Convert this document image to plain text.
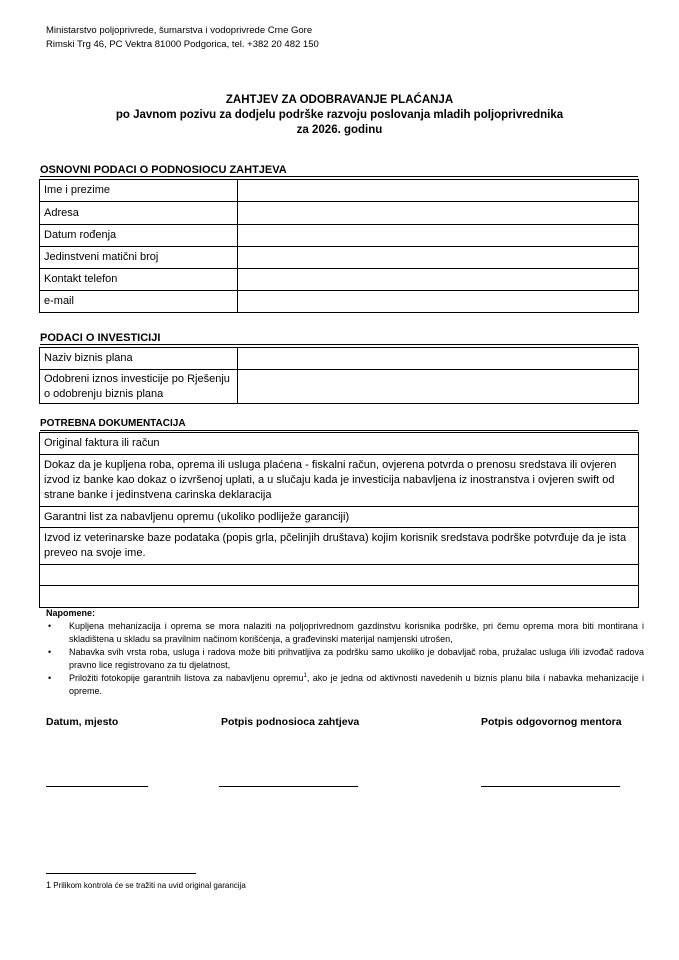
Ministarstvo poljoprivrede, šumarstva i vodoprivrede Crne Gore
Rimski Trg 46, PC Vektra 81000 Podgorica, tel. +382 20 482 150
ZAHTJEV ZA ODOBRAVANJE PLAĆANJA
po Javnom pozivu za dodjelu podrške razvoju poslovanja mladih poljoprivrednika
za 2026. godinu
OSNOVNI PODACI O PODNOSIOCU ZAHTJEVA
Ime i prezime	
Adresa	
Datum rođenja	
Jedinstveni matični broj	
Kontakt telefon	
e-mail	
PODACI O INVESTICIJI
Naziv biznis plana	
Odobreni iznos investicije po Rješenju o odobrenju biznis plana	
POTREBNA DOKUMENTACIJA
Original faktura ili račun
Dokaz da je kupljena roba, oprema ili usluga plaćena - fiskalni račun, ovjerena potvrda o prenosu sredstava ili ovjeren izvod iz banke kao dokaz o izvršenoj uplati, a u slučaju kada je investicija nabavljena iz inostranstva i ovjeren swift od strane banke i jedinstvena carinska deklaracija
Garantni list za nabavljenu opremu (ukoliko podliježe garanciji)
Izvod iz veterinarske baze podataka (popis grla, pčelinjih društava) kojim korisnik sredstava podrške potvrđuje da je ista preveo na svoje ime.

Napomene:
• Kupljena mehanizacija i oprema se mora nalaziti na poljoprivrednom gazdinstvu korisnika podrške, pri čemu oprema mora biti montirana i skladištena u skladu sa pravilnim načinom korišćenja, a građevinski materijal namjenski utrošen,
• Nabavka svih vrsta roba, usluga i radova može biti prihvatljiva za podršku samo ukoliko je dobavljač roba, pružalac usluga i/ili izvođač radova pravno lice registrovano za tu djelatnost,
• Priložiti fotokopije garantnih listova za nabavljenu opremu$^1$, ako je jedna od aktivnosti navedenih u biznis planu bila i nabavka mehanizacije i opreme.
Datum, mjesto	Potpis podnosioca zahtjeva	Potpis odgovornog mentora
1 Prilikom kontrola će se tražiti na uvid original garancija
